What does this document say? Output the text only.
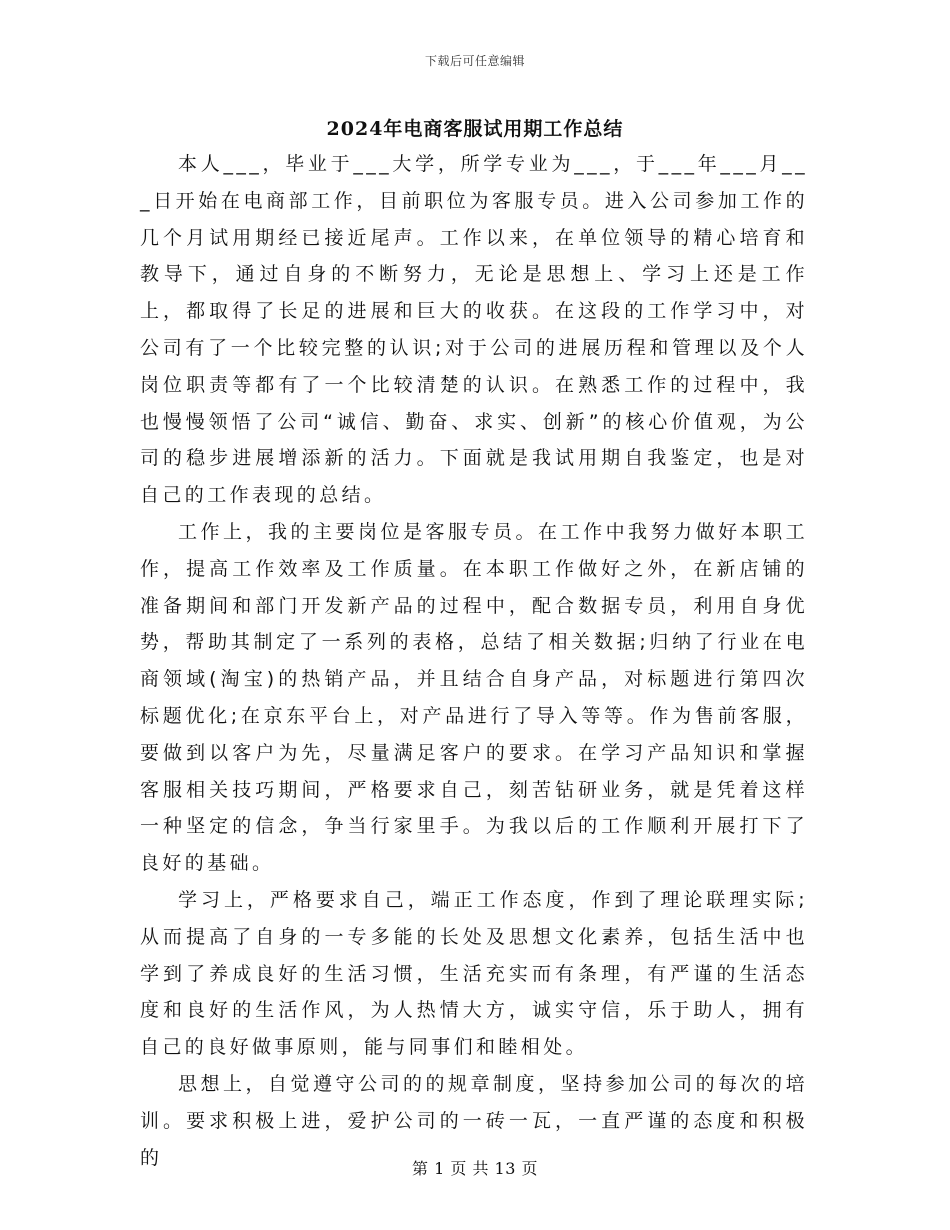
下载后可任意编辑
2024年电商客服试用期工作总结

本人___，毕业于___大学，所学专业为___，于___年___月___日开始在电商部工作，目前职位为客服专员。进入公司参加工作的几个月试用期经已接近尾声。工作以来，在单位领导的精心培育和教导下，通过自身的不断努力，无论是思想上、学习上还是工作上，都取得了长足的进展和巨大的收获。在这段的工作学习中，对公司有了一个比较完整的认识;对于公司的进展历程和管理以及个人岗位职责等都有了一个比较清楚的认识。在熟悉工作的过程中，我也慢慢领悟了公司“诚信、勤奋、求实、创新”的核心价值观，为公司的稳步进展增添新的活力。下面就是我试用期自我鉴定，也是对自己的工作表现的总结。

工作上，我的主要岗位是客服专员。在工作中我努力做好本职工作，提高工作效率及工作质量。在本职工作做好之外，在新店铺的准备期间和部门开发新产品的过程中，配合数据专员，利用自身优势，帮助其制定了一系列的表格，总结了相关数据;归纳了行业在电商领域(淘宝)的热销产品，并且结合自身产品，对标题进行第四次标题优化;在京东平台上，对产品进行了导入等等。作为售前客服，要做到以客户为先，尽量满足客户的要求。在学习产品知识和掌握客服相关技巧期间，严格要求自己，刻苦钻研业务，就是凭着这样一种坚定的信念，争当行家里手。为我以后的工作顺利开展打下了良好的基础。

学习上，严格要求自己，端正工作态度，作到了理论联理实际;从而提高了自身的一专多能的长处及思想文化素养，包括生活中也学到了养成良好的生活习惯，生活充实而有条理，有严谨的生活态度和良好的生活作风，为人热情大方，诚实守信，乐于助人，拥有自己的良好做事原则，能与同事们和睦相处。

思想上，自觉遵守公司的的规章制度，坚持参加公司的每次的培训。要求积极上进，爱护公司的一砖一瓦，一直严谨的态度和积极的	第 1 页 共 13 页
